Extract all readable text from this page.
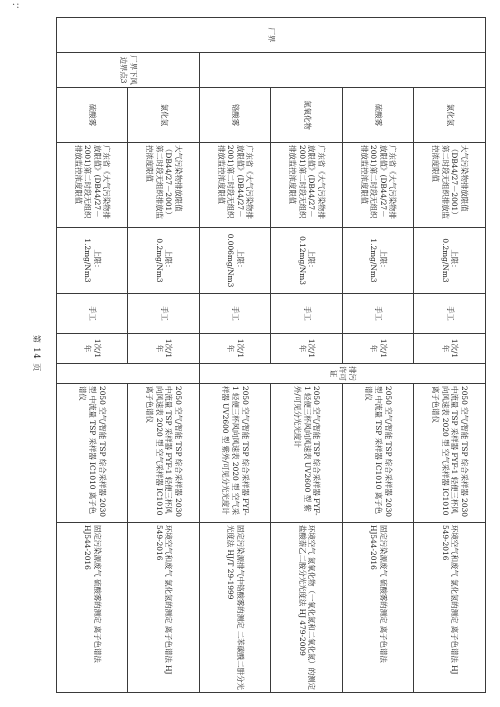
·:
厂界		氯化氢	大气污染物排放限值（DB44/27－2001）第二时段无组织排放监控浓度限值	上限：0.2mg/Nm3	手工	1次/1年	排污许可证	2050 空气/智能 TSP 综合采样器 2030 中流量 TSP 采样器 FYF-1 轻便三杯风向风速表 2020 型 空气采样器 IC1010 离子色谱仪	环境空气和废气 氯化氢的测定 离子色谱法 HJ 549-2016
		硫酸雾	广东省《大气污染物排放限值》(DB44/27－2001)第二时段无组织排放监控浓度限值	上限：1.2mg/Nm3	手工	1次/1年		2050 空气/智能 TSP 综合采样器 2030 型 中流量 TSP 采样器 IC1010 离子色谱仪	固定污染源废气 硫酸雾的测定 离子色谱法 HJ544-2016
		氮氧化物	广东省《大气污染物排放限值》(DB44/27－2001)第二时段无组织排放监控浓度限值	上限：0.12mg/Nm3	手工	1次/1年		2050 空气/智能 TSP 综合采样器 FYF-1 轻便三杯风向风速表 UV2600 型 紫外/可见分光光度计	环境空气 氮氧化物（一氧化氮和二氧化氮）的测定 盐酸萘乙二胺分光光度法 HJ 479-2009
		铬酸雾	广东省《大气污染物排放限值》(DB44/27－2001)第二时段无组织排放监控浓度限值	上限：0.006mg/Nm3	手工	1次/1年		2050 空气/智能 TSP 综合采样器 FYF-1 轻便三杯风向风速表 2020 型 空气采样器 UV2600 型 紫外/可见分光光度计	固定污染源排气中铬酸雾的测定 二苯碳酰二肼分光光度法 HJ/T 29-1999
	厂界下风边界点3	氯化氢	大气污染物排放限值（DB44/27－2001）第二时段无组织排放监控浓度限值	上限：0.2mg/Nm3	手工	1次/1年		2050 空气/智能 TSP 综合采样器 2030 中流量 TSP 采样器 FYF-1 轻便三杯风向风速表 2020 型 空气采样器 IC1010 离子色谱仪	环境空气和废气 氯化氢的测定 离子色谱法 HJ 549-2016
		硫酸雾	广东省《大气污染物排放限值》(DB44/27－2001)第二时段无组织排放监控浓度限值	上限：1.2mg/Nm3	手工	1次/1年		2050 空气/智能 TSP 综合采样器 2030 型 中流量 TSP 采样器 IC1010 离子色谱仪	固定污染源废气 硫酸雾的测定 离子色谱法 HJ544-2016
第 14 页
